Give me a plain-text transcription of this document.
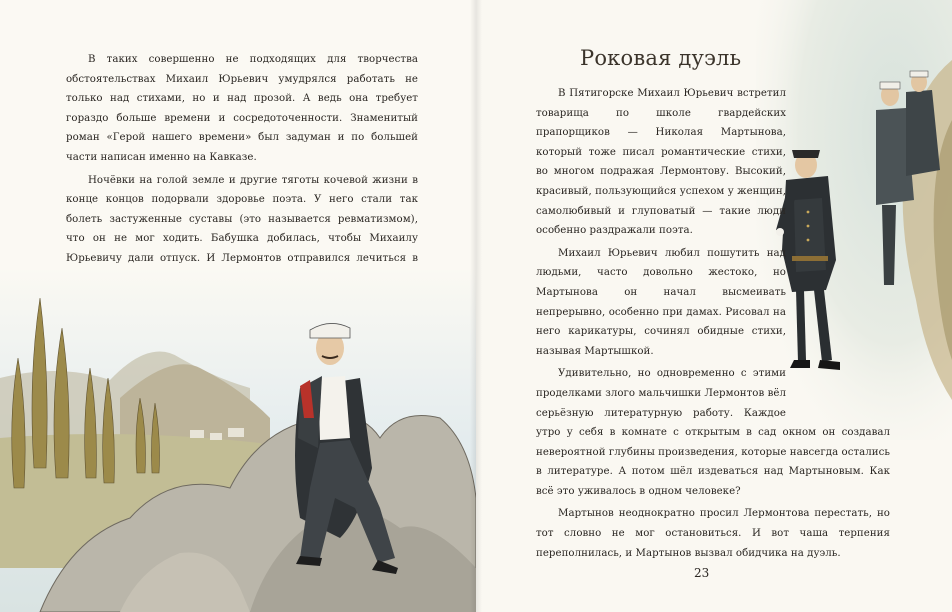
В таких совершенно не подходящих для творчества обстоятельствах Михаил Юрьевич умудрялся работать не только над стихами, но и над прозой. А ведь она требует гораздо больше времени и сосредоточенности. Знаменитый роман «Герой нашего времени» был задуман и по большей части написан именно на Кавказе.

Ночёвки на голой земле и другие тяготы кочевой жизни в конце концов подорвали здоровье поэта. У него стали так болеть застуженные суставы (это называется ревматизмом), что он не мог ходить. Бабушка добилась, чтобы Михаилу Юрьевичу дали отпуск. И Лермонтов отправился лечиться в

Роковая дуэль

В Пятигорске Михаил Юрьевич встретил товарища по школе гвардейских прапорщиков — Николая Мартынова, который тоже писал романтические стихи, во многом подражая Лермонтову. Высокий, красивый, пользующийся успехом у женщин, самолюбивый и глуповатый — такие люди особенно раздражали поэта.

Михаил Юрьевич любил пошутить над людьми, часто довольно жестоко, но Мартынова он начал высмеивать непрерывно, особенно при дамах. Рисовал на него карикатуры, сочинял обидные стихи, называя Мартышкой.

Удивительно, но одновременно с этими проделками злого мальчишки Лермонтов вёл серьёзную литературную работу. Каждое утро у себя в комнате с открытым в сад окном он создавал невероятной глубины произведения, которые навсегда остались в литературе. А потом шёл издеваться над Мартыновым. Как всё это уживалось в одном человеке?

Мартынов неоднократно просил Лермонтова перестать, но тот словно не мог остановиться. И вот чаша терпения переполнилась, и Мартынов вызвал обидчика на дуэль.

23
